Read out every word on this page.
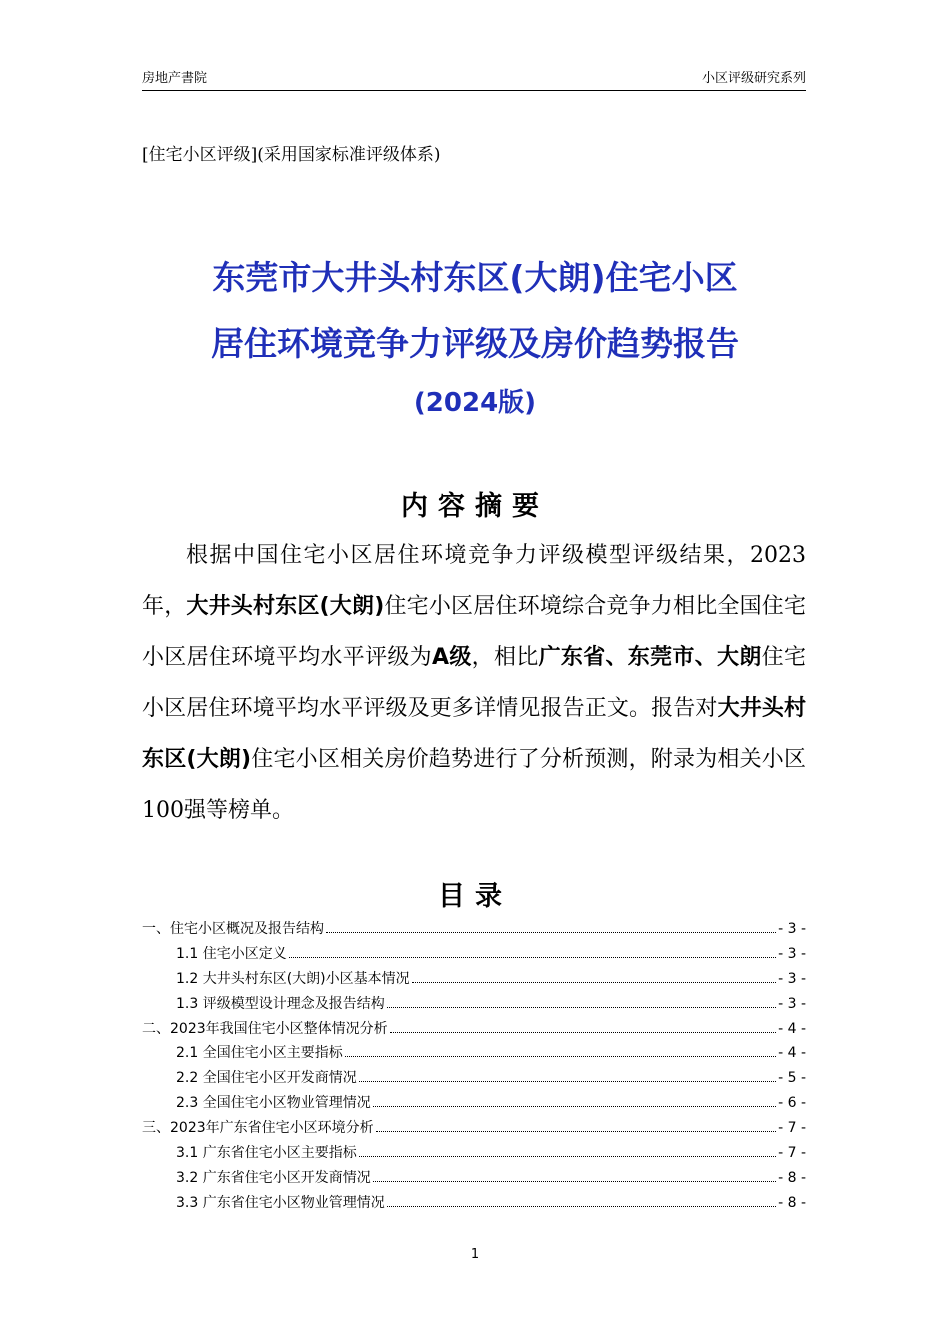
房地产書院	小区评级研究系列
[住宅小区评级](采用国家标准评级体系)
东莞市大井头村东区(大朗)住宅小区
居住环境竞争力评级及房价趋势报告
(2024版)
内容摘要
根据中国住宅小区居住环境竞争力评级模型评级结果，2023年，大井头村东区(大朗)住宅小区居住环境综合竞争力相比全国住宅小区居住环境平均水平评级为A级，相比广东省、东莞市、大朗住宅小区居住环境平均水平评级及更多详情见报告正文。报告对大井头村东区(大朗)住宅小区相关房价趋势进行了分析预测，附录为相关小区100强等榜单。
目录
一、住宅小区概况及报告结构	- 3 -
1.1 住宅小区定义	- 3 -
1.2 大井头村东区(大朗)小区基本情况	- 3 -
1.3 评级模型设计理念及报告结构	- 3 -
二、2023年我国住宅小区整体情况分析	- 4 -
2.1 全国住宅小区主要指标	- 4 -
2.2 全国住宅小区开发商情况	- 5 -
2.3 全国住宅小区物业管理情况	- 6 -
三、2023年广东省住宅小区环境分析	- 7 -
3.1 广东省住宅小区主要指标	- 7 -
3.2 广东省住宅小区开发商情况	- 8 -
3.3 广东省住宅小区物业管理情况	- 8 -
1
